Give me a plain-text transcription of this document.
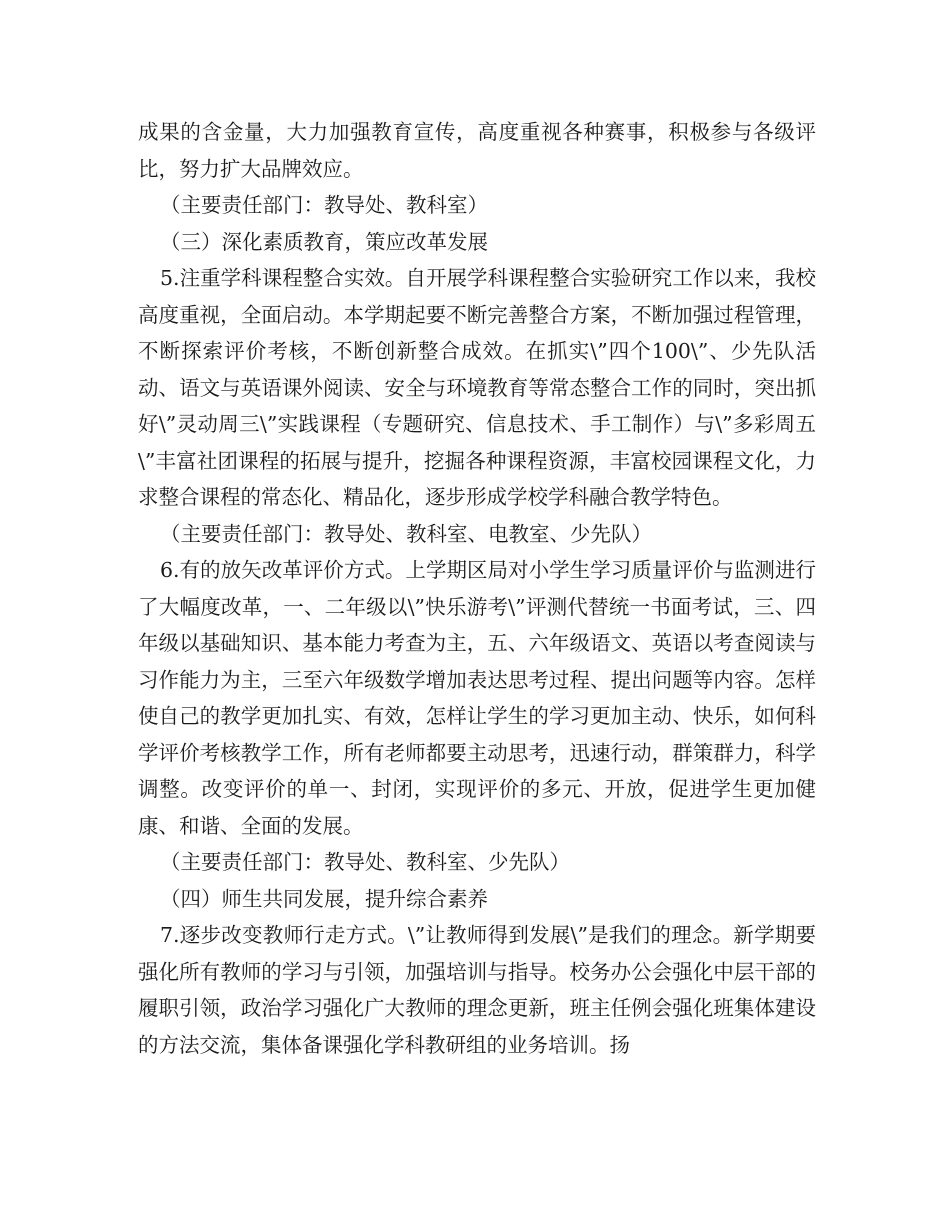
成果的含金量，大力加强教育宣传，高度重视各种赛事，积极参与各级评比，努力扩大品牌效应。

（主要责任部门：教导处、教科室）

（三）深化素质教育，策应改革发展

5.注重学科课程整合实效。自开展学科课程整合实验研究工作以来，我校高度重视，全面启动。本学期起要不断完善整合方案，不断加强过程管理，不断探索评价考核，不断创新整合成效。在抓实\”四个100\”、少先队活动、语文与英语课外阅读、安全与环境教育等常态整合工作的同时，突出抓好\”灵动周三\”实践课程（专题研究、信息技术、手工制作）与\”多彩周五\”丰富社团课程的拓展与提升，挖掘各种课程资源，丰富校园课程文化，力求整合课程的常态化、精品化，逐步形成学校学科融合教学特色。

（主要责任部门：教导处、教科室、电教室、少先队）

6.有的放矢改革评价方式。上学期区局对小学生学习质量评价与监测进行了大幅度改革，一、二年级以\”快乐游考\”评测代替统一书面考试，三、四年级以基础知识、基本能力考查为主，五、六年级语文、英语以考查阅读与习作能力为主，三至六年级数学增加表达思考过程、提出问题等内容。怎样使自己的教学更加扎实、有效，怎样让学生的学习更加主动、快乐，如何科学评价考核教学工作，所有老师都要主动思考，迅速行动，群策群力，科学调整。改变评价的单一、封闭，实现评价的多元、开放，促进学生更加健康、和谐、全面的发展。

（主要责任部门：教导处、教科室、少先队）

（四）师生共同发展，提升综合素养

7.逐步改变教师行走方式。\”让教师得到发展\”是我们的理念。新学期要强化所有教师的学习与引领，加强培训与指导。校务办公会强化中层干部的履职引领，政治学习强化广大教师的理念更新，班主任例会强化班集体建设的方法交流，集体备课强化学科教研组的业务培训。扬
